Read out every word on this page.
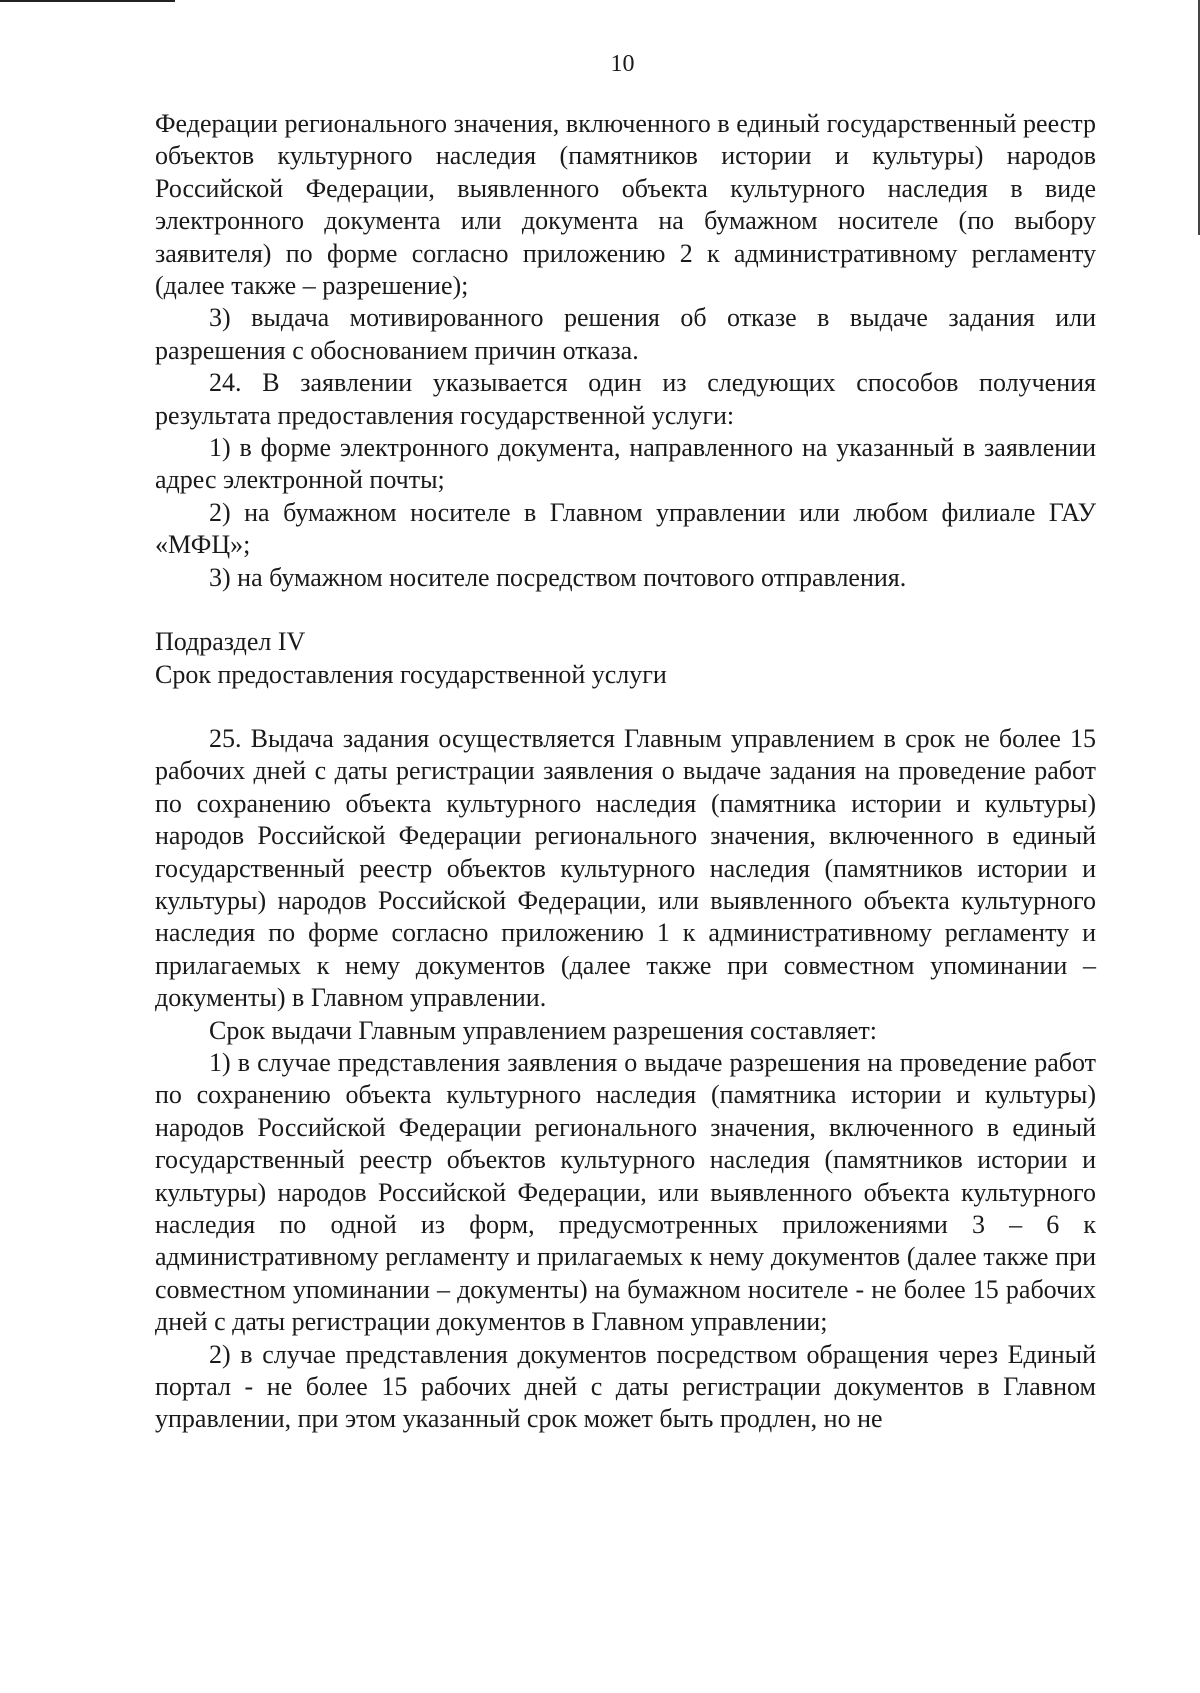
10

Федерации регионального значения, включенного в единый государственный реестр объектов культурного наследия (памятников истории и культуры) народов Российской Федерации, выявленного объекта культурного наследия в виде электронного документа или документа на бумажном носителе (по выбору заявителя) по форме согласно приложению 2 к административному регламенту (далее также – разрешение);

3) выдача мотивированного решения об отказе в выдаче задания или разрешения с обоснованием причин отказа.

24. В заявлении указывается один из следующих способов получения результата предоставления государственной услуги:

1) в форме электронного документа, направленного на указанный в заявлении адрес электронной почты;

2) на бумажном носителе в Главном управлении или любом филиале ГАУ «МФЦ»;

3) на бумажном носителе посредством почтового отправления.

Подраздел IV

Срок предоставления государственной услуги

25. Выдача задания осуществляется Главным управлением в срок не более 15 рабочих дней с даты регистрации заявления о выдаче задания на проведение работ по сохранению объекта культурного наследия (памятника истории и культуры) народов Российской Федерации регионального значения, включенного в единый государственный реестр объектов культурного наследия (памятников истории и культуры) народов Российской Федерации, или выявленного объекта культурного наследия по форме согласно приложению 1 к административному регламенту и прилагаемых к нему документов (далее также при совместном упоминании – документы) в Главном управлении.

Срок выдачи Главным управлением разрешения составляет:

1) в случае представления заявления о выдаче разрешения на проведение работ по сохранению объекта культурного наследия (памятника истории и культуры) народов Российской Федерации регионального значения, включенного в единый государственный реестр объектов культурного наследия (памятников истории и культуры) народов Российской Федерации, или выявленного объекта культурного наследия по одной из форм, предусмотренных приложениями 3 – 6 к административному регламенту и прилагаемых к нему документов (далее также при совместном упоминании – документы) на бумажном носителе - не более 15 рабочих дней с даты регистрации документов в Главном управлении;

2) в случае представления документов посредством обращения через Единый портал - не более 15 рабочих дней с даты регистрации документов в Главном управлении, при этом указанный срок может быть продлен, но не
